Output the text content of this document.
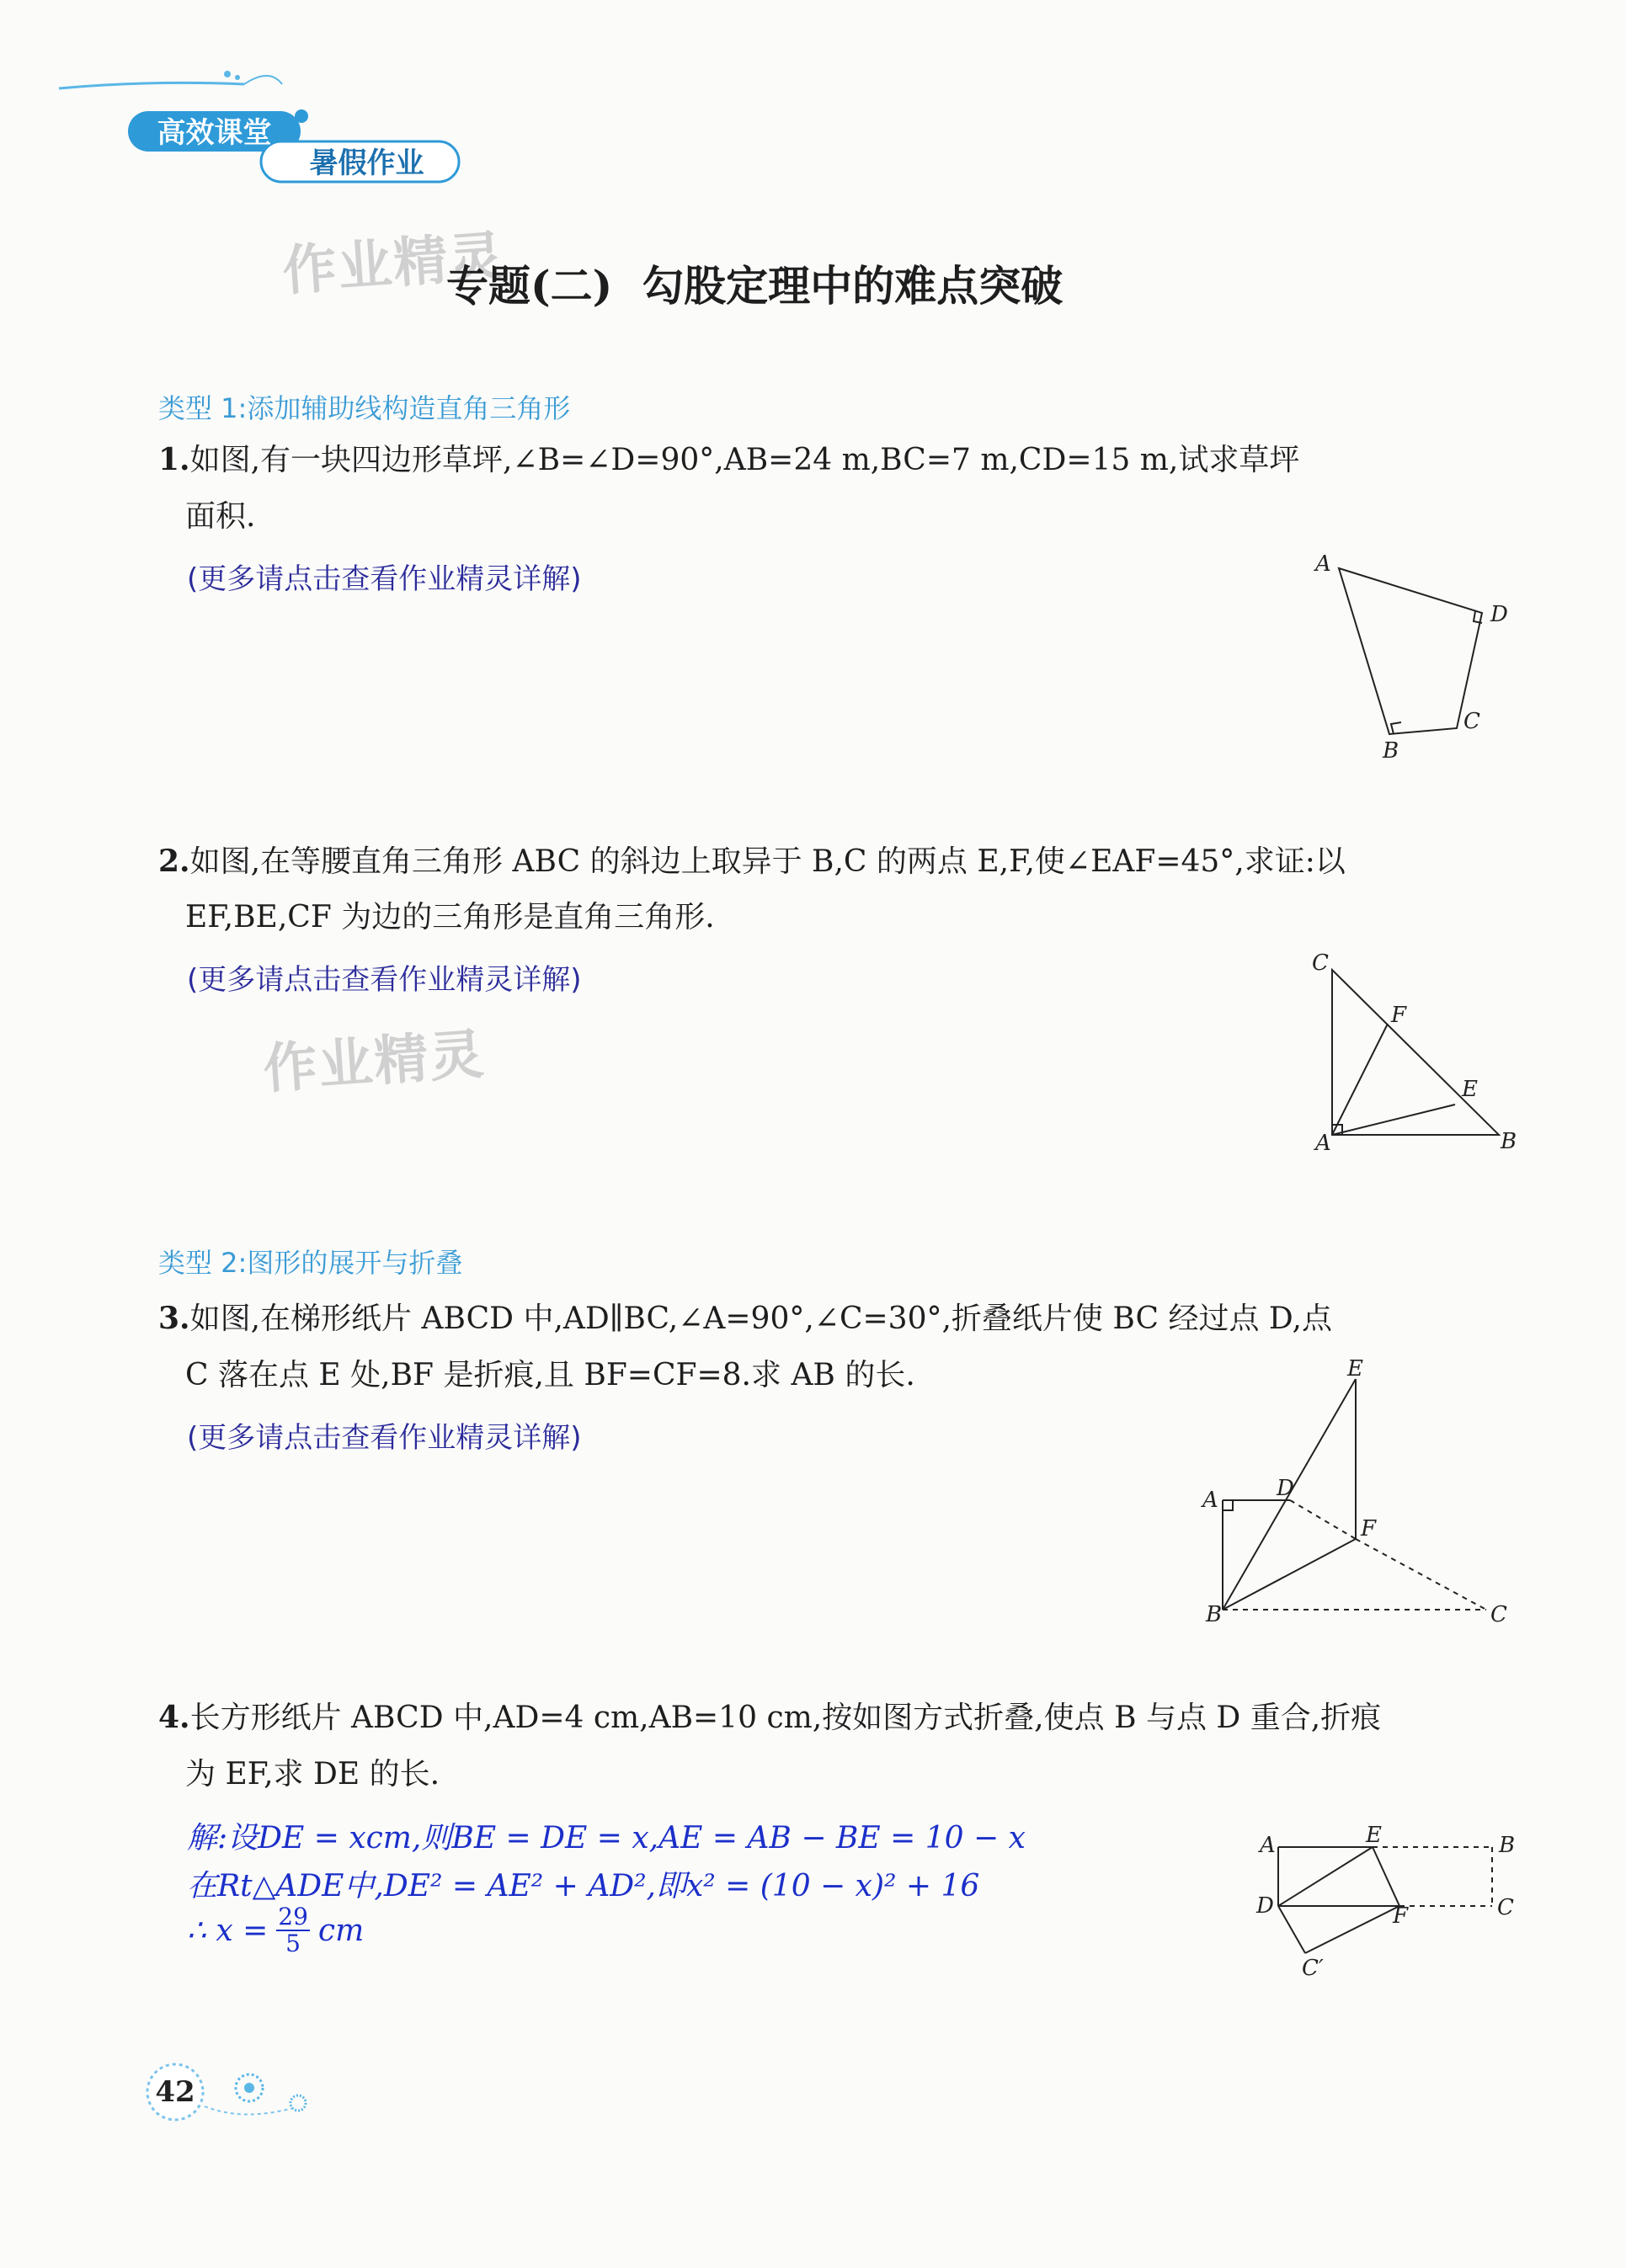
高效课堂
暑假作业
作业精灵
作业精灵
专题(二)  勾股定理中的难点突破
类型 1:添加辅助线构造直角三角形
1.如图,有一块四边形草坪,∠B=∠D=90°,AB=24 m,BC=7 m,CD=15 m,试求草坪
面积.
(更多请点击查看作业精灵详解)	A
D
C
B
2.如图,在等腰直角三角形 ABC 的斜边上取异于 B,C 的两点 E,F,使∠EAF=45°,求证:以
EF,BE,CF 为边的三角形是直角三角形.
(更多请点击查看作业精灵详解)	C
F
E
A	B
类型 2:图形的展开与折叠
3.如图,在梯形纸片 ABCD 中,AD∥BC,∠A=90°,∠C=30°,折叠纸片使 BC 经过点 D,点
C 落在点 E 处,BF 是折痕,且 BF=CF=8.求 AB 的长.
(更多请点击查看作业精灵详解)
E
A	D
F
B	C
4.长方形纸片 ABCD 中,AD=4 cm,AB=10 cm,按如图方式折叠,使点 B 与点 D 重合,折痕
为 EF,求 DE 的长.
解:设DE = xcm,则BE = DE = x,AE = AB − BE = 10 − x
在Rt△ADE中,DE² = AE² + AD²,即x² = (10 − x)² + 16
∴ $x = \frac{29}{5}$ cm
A	E	B
D	F	C
C′
42
